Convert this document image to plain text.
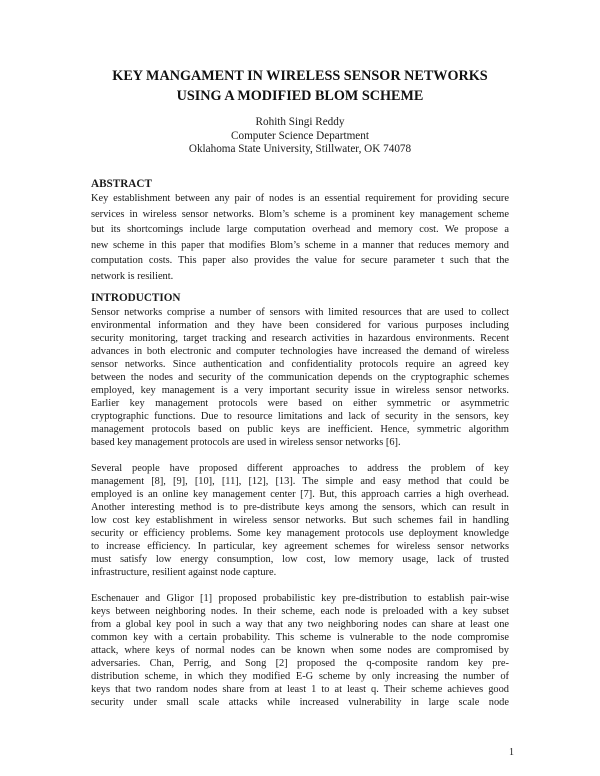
KEY MANGAMENT IN WIRELESS SENSOR NETWORKS
USING A MODIFIED BLOM SCHEME
Rohith Singi Reddy
Computer Science Department
Oklahoma State University, Stillwater, OK 74078
ABSTRACT

Key establishment between any pair of nodes is an essential requirement for providing secure
services in wireless sensor networks. Blom’s scheme is a prominent key management scheme
but its shortcomings include large computation overhead and memory cost. We propose a
new scheme in this paper that modifies Blom’s scheme in a manner that reduces memory and
computation costs. This paper also provides the value for secure parameter t such that the
network is resilient.

INTRODUCTION

Sensor networks comprise a number of sensors with limited resources that are used to collect
environmental information and they have been considered for various purposes including
security monitoring, target tracking and research activities in hazardous environments. Recent
advances in both electronic and computer technologies have increased the demand of wireless
sensor networks. Since authentication and confidentiality protocols require an agreed key
between the nodes and security of the communication depends on the cryptographic schemes
employed, key management is a very important security issue in wireless sensor networks.
Earlier key management protocols were based on either symmetric or asymmetric
cryptographic functions. Due to resource limitations and lack of security in the sensors, key
management protocols based on public keys are inefficient. Hence, symmetric algorithm
based key management protocols are used in wireless sensor networks [6].

Several people have proposed different approaches to address the problem of key
management [8], [9], [10], [11], [12], [13]. The simple and easy method that could be
employed is an online key management center [7]. But, this approach carries a high overhead.
Another interesting method is to pre-distribute keys among the sensors, which can result in
low cost key establishment in wireless sensor networks. But such schemes fail in handling
security or efficiency problems. Some key management protocols use deployment knowledge
to increase efficiency. In particular, key agreement schemes for wireless sensor networks
must satisfy low energy consumption, low cost, low memory usage, lack of trusted
infrastructure, resilient against node capture.

Eschenauer and Gligor [1] proposed probabilistic key pre-distribution to establish pair-wise
keys between neighboring nodes. In their scheme, each node is preloaded with a key subset
from a global key pool in such a way that any two neighboring nodes can share at least one
common key with a certain probability. This scheme is vulnerable to the node compromise
attack, where keys of normal nodes can be known when some nodes are compromised by
adversaries. Chan, Perrig, and Song [2] proposed the q-composite random key pre-
distribution scheme, in which they modified E-G scheme by only increasing the number of
keys that two random nodes share from at least 1 to at least q. Their scheme achieves good
security under small scale attacks while increased vulnerability in large scale node

1
